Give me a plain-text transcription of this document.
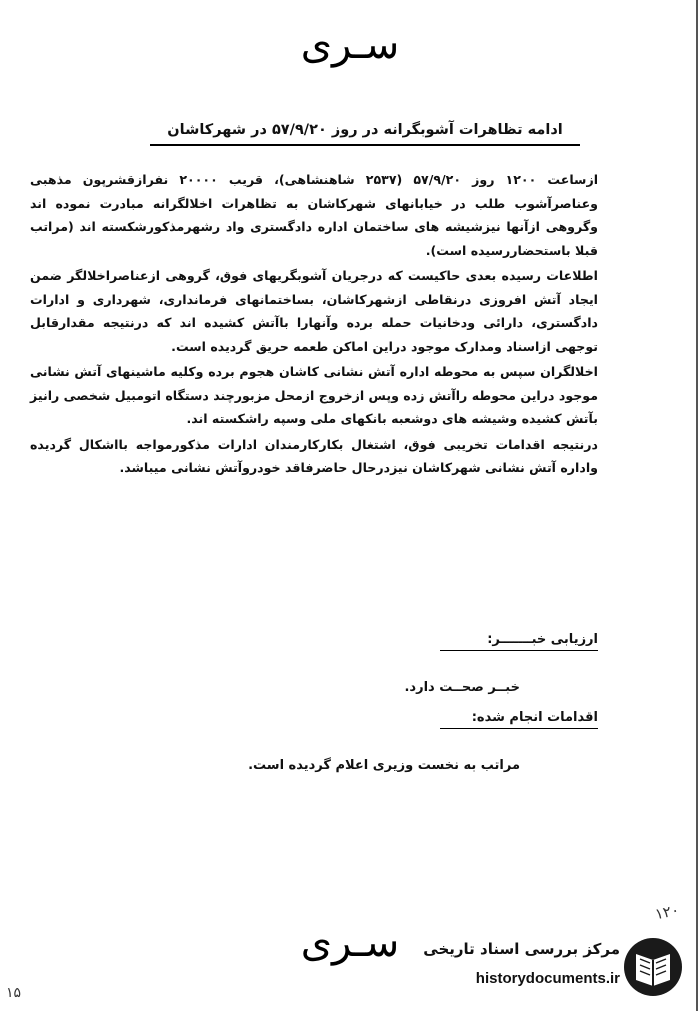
سـری
ادامه تظاهرات آشوبگرانه در روز ۵۷/۹/۲۰ در شهرکاشان

ازساعت ۱۲۰۰ روز ۵۷/۹/۲۰ (۲۵۳۷ شاهنشاهی)، قریب ۲۰۰۰۰ نفرازقشرپون مذهبی وعناصرآشوب طلب در خیابانهای شهرکاشان به تظاهرات اخلالگرانه مبادرت نموده اند وگروهی ازآنها نیزشیشه های ساختمان اداره دادگستری واد رشهرمذکورشکسته اند (مراتب قبلا باستحضاررسیده است).

اطلاعات رسیده بعدی حاکیست که درجریان آشوبگریهای فوق، گروهی ازعناصراخلالگر ضمن ایجاد آتش افروزی درنقاطی ازشهرکاشان، بساختمانهای فرمانداری، شهرداری و ادارات دادگستری، دارائی ودخانیات حمله برده وآنهارا باآتش کشیده اند که درنتیجه مقدارقابل توجهی ازاسناد ومدارک موجود دراین اماکن طعمه حریق گردیده است.

اخلالگران سپس به محوطه اداره آتش نشانی کاشان هجوم برده وکلیه ماشینهای آتش نشانی موجود دراین محوطه راآتش زده وپس ازخروج ازمحل مزبورچند دستگاه اتومبیل شخصی رانیز بآتش کشیده وشیشه های دوشعبه بانکهای ملی وسپه راشکسته اند.

درنتیجه اقدامات تخریبی فوق، اشتغال بکارکارمندان ادارات مذکورمواجه بااشکال گردیده واداره آتش نشانی شهرکاشان نیزدرحال حاضرفاقد خودروآتش نشانی میباشد.

ارزیابی خبـــــــر:
خبــر صحــت دارد.
اقدامات انجام شده:
مراتب به نخست وزیری اعلام گردیده است.
۱۲۰
سـری
۱۵
مرکز بررسی اسناد تاریخی
historydocuments.ir
